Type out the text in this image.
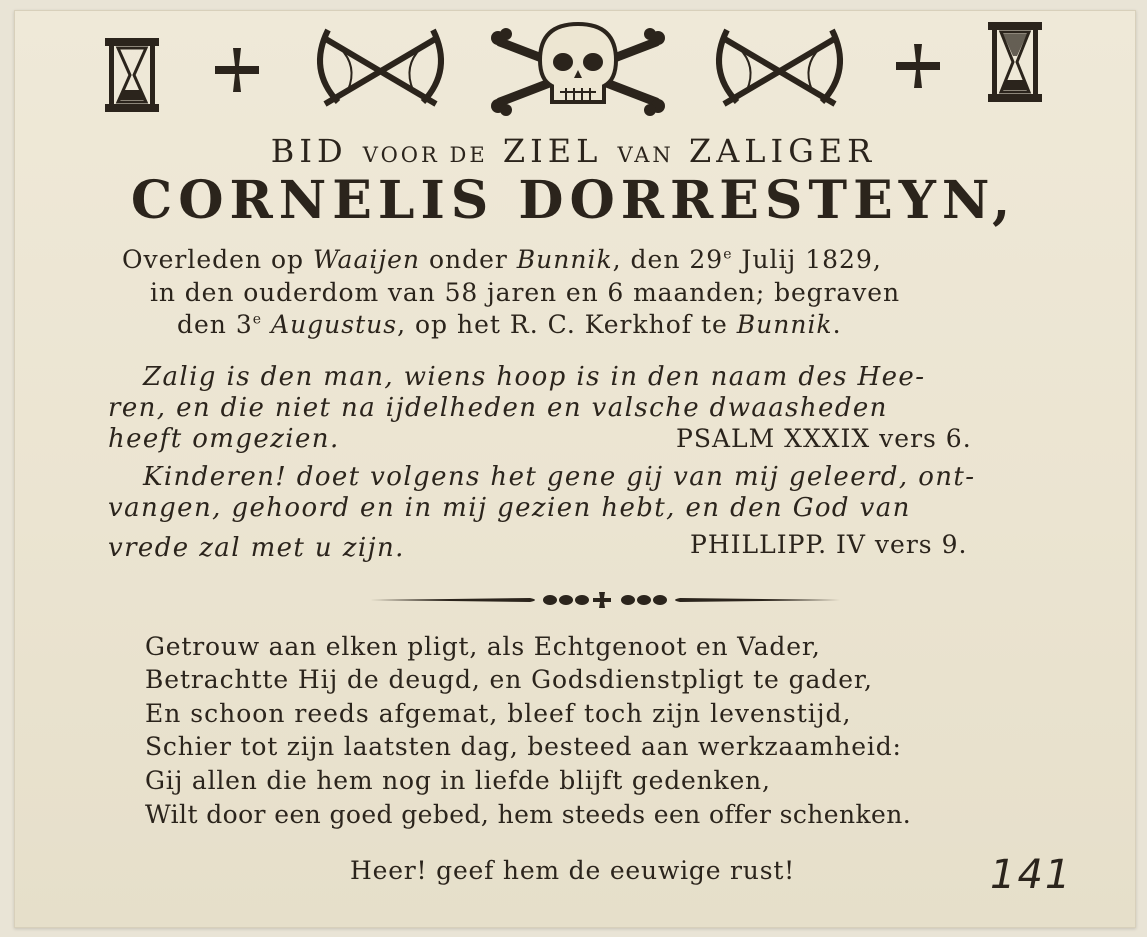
BID VOOR DE ZIEL VAN ZALIGER
CORNELIS DORRESTEYN,
Overleden op Waaijen onder Bunnik, den 29e Julij 1829,
in den ouderdom van 58 jaren en 6 maanden; begraven
den 3e Augustus, op het R. C. Kerkhof te Bunnik.
Zalig is den man, wiens hoop is in den naam des Hee-
ren, en die niet na ijdelheden en valsche dwaasheden
heeft omgezien.	PSALM XXXIX vers 6.
Kinderen! doet volgens het gene gij van mij geleerd, ont-
vangen, gehoord en in mij gezien hebt, en den God van
vrede zal met u zijn.	PHILLIPP. IV vers 9.
Getrouw aan elken pligt, als Echtgenoot en Vader,
Betrachtte Hij de deugd, en Godsdienstpligt te gader,
En schoon reeds afgemat, bleef toch zijn levenstijd,
Schier tot zijn laatsten dag, besteed aan werkzaamheid:
Gij allen die hem nog in liefde blijft gedenken,
Wilt door een goed gebed, hem steeds een offer schenken.
Heer! geef hem de eeuwige rust!	141
